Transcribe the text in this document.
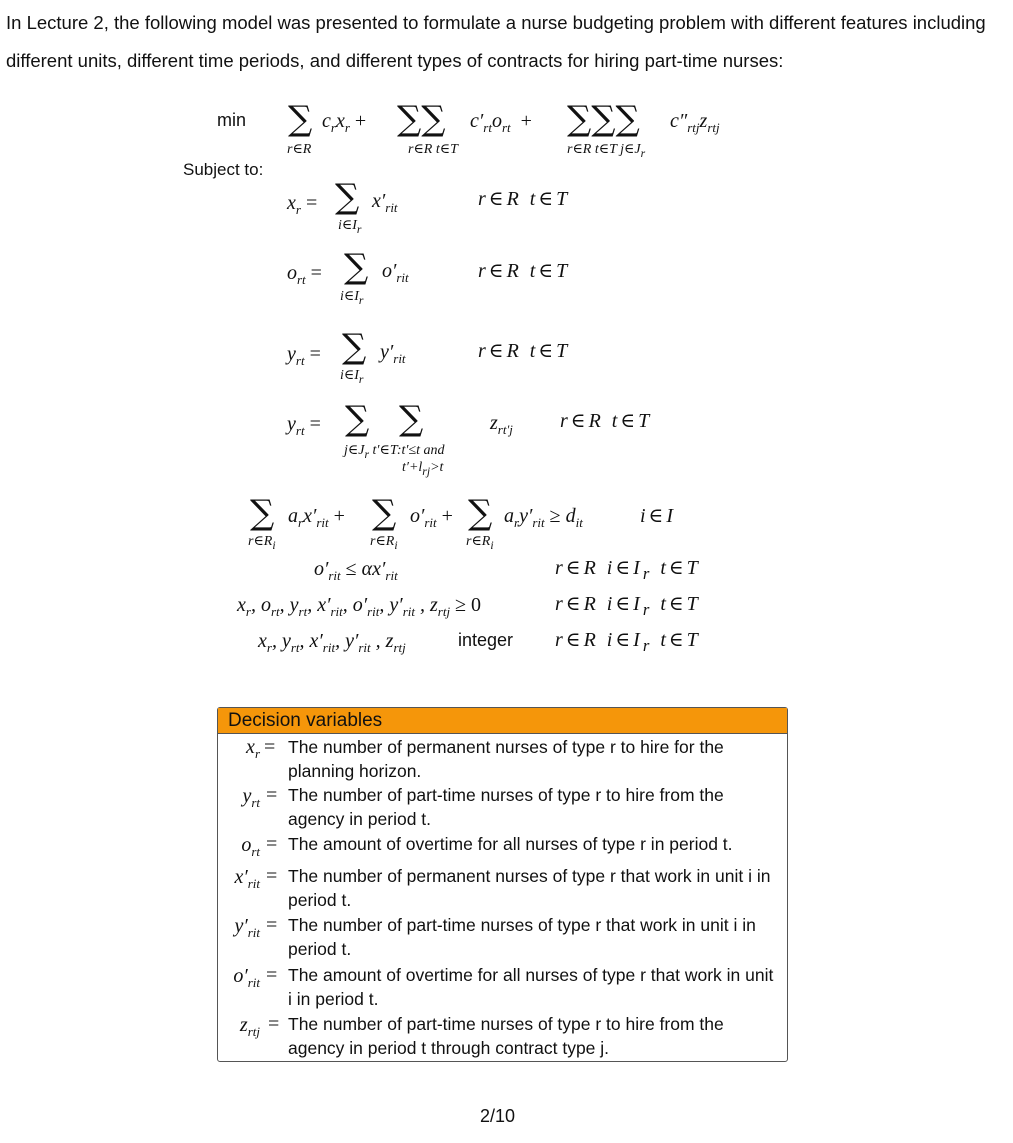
In Lecture 2, the following model was presented to formulate a nurse budgeting problem with different features including different units, different time periods, and different types of contracts for hiring part-time nurses:
min ∑ $c_rx_r$ +
r∈R
∑∑ $c'_{rt}o_{rt}$ +
r∈R t∈T
∑∑∑ $c''_{rtj}z_{rtj}$
r∈R t∈T $j\in J_r$
Subject to:
$x_r$ = ∑ $x'_{rit}$
$i\in I_r$
r∈R t∈T
$o_{rt}$ = ∑ $o'_{rit}$
$i\in I_r$
r∈R t∈T
$y_{rt}$ = ∑ $y'_{rit}$
$i\in I_r$
r∈R t∈T
$y_{rt}$ = ∑ ∑	$z_{rt'j}$
$j\in J_r$ t′∈T:t′≤t and
$t'+l_{rj}>t$
r∈R t∈T
∑ $a_rx'_{rit}$ +
$r\in R_i$
∑ $o'_{rit}$ +
$r\in R_i$
∑ $a_ry'_{rit} \ge d_{it}$
$r\in R_i$
i∈I
$o'_{rit} \le \alpha x'_{rit}$	r∈R $i\in I_r$ t∈T
$x_r$, $o_{rt}$, $y_{rt}$, $x'_{rit}$, $o'_{rit}$, $y'_{rit}$ , $z_{rtj} \ge 0$	r∈R $i\in I_r$ t∈T
$x_r$, $y_{rt}$, $x'_{rit}$, $y'_{rit}$ , $z_{rtj}$	integer r∈R $i\in I_r$ t∈T
Decision variables
$x_r$ = The number of permanent nurses of type r to hire for the planning horizon.
$y_{rt}$ = The number of part-time nurses of type r to hire from the agency in period t.
$o_{rt}$ = The amount of overtime for all nurses of type r in period t.
$x'_{rit}$ = The number of permanent nurses of type r that work in unit i in period t.
$y'_{rit}$ = The number of part-time nurses of type r that work in unit i in period t.
$o'_{rit}$ = The amount of overtime for all nurses of type r that work in unit i in period t.
$z_{rtj}$ = The number of part-time nurses of type r to hire from the agency in period t through contract type j.
2/10
